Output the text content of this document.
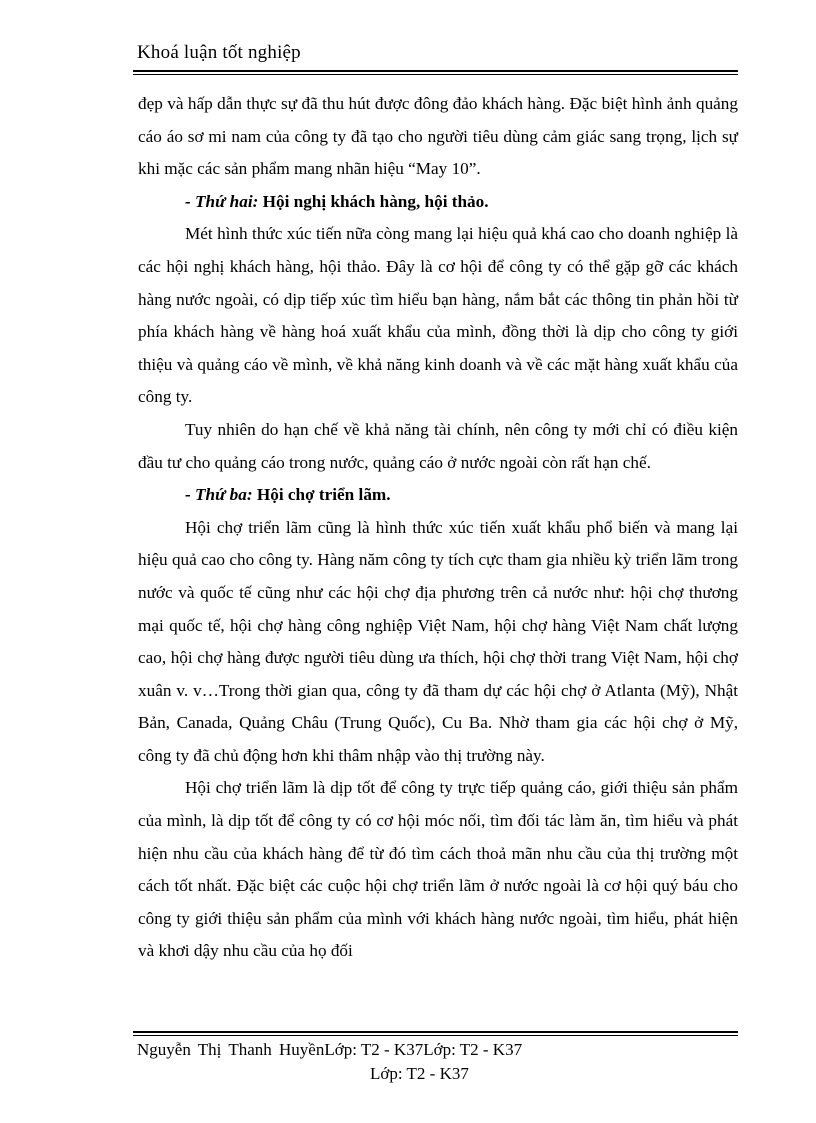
Khoá luận tốt nghiệp

đẹp và hấp dẫn thực sự đã thu hút được đông đảo khách hàng. Đặc biệt hình ảnh quảng cáo áo sơ mi nam của công ty đã tạo cho người tiêu dùng cảm giác sang trọng, lịch sự khi mặc các sản phẩm mang nhãn hiệu “May 10”.

- Thứ hai: Hội nghị khách hàng, hội thảo.

Mét hình thức xúc tiến nữa còng mang lại hiệu quả khá cao cho doanh nghiệp là các hội nghị khách hàng, hội thảo. Đây là cơ hội để công ty có thể gặp gỡ các khách hàng nước ngoài, có dịp tiếp xúc tìm hiểu bạn hàng, nắm bắt các thông tin phản hồi từ phía khách hàng về hàng hoá xuất khẩu của mình, đồng thời là dịp cho công ty giới thiệu và quảng cáo về mình, về khả năng kinh doanh và về các mặt hàng xuất khẩu của công ty.

Tuy nhiên do hạn chế về khả năng tài chính, nên công ty mới chỉ có điều kiện đầu tư cho quảng cáo trong nước, quảng cáo ở nước ngoài còn rất hạn chế.

- Thứ ba: Hội chợ triển lãm.

Hội chợ triển lãm cũng là hình thức xúc tiến xuất khẩu phổ biến và mang lại hiệu quả cao cho công ty. Hàng năm công ty tích cực tham gia nhiều kỳ triển lãm trong nước và quốc tế cũng như các hội chợ địa phương trên cả nước như: hội chợ thương mại quốc tế, hội chợ hàng công nghiệp Việt Nam, hội chợ hàng Việt Nam chất lượng cao, hội chợ hàng được người tiêu dùng ưa thích, hội chợ thời trang Việt Nam, hội chợ xuân v. v…Trong thời gian qua, công ty đã tham dự các hội chợ ở Atlanta (Mỹ), Nhật Bản, Canada, Quảng Châu (Trung Quốc), Cu Ba. Nhờ tham gia các hội chợ ở Mỹ, công ty đã chủ động hơn khi thâm nhập vào thị trường này.

Hội chợ triển lãm là dịp tốt để công ty trực tiếp quảng cáo, giới thiệu sản phẩm của mình, là dịp tốt để công ty có cơ hội móc nối, tìm đối tác làm ăn, tìm hiểu và phát hiện nhu cầu của khách hàng để từ đó tìm cách thoả mãn nhu cầu của thị trường một cách tốt nhất. Đặc biệt các cuộc hội chợ triển lãm ở nước ngoài là cơ hội quý báu cho công ty giới thiệu sản phẩm của mình với khách hàng nước ngoài, tìm hiểu, phát hiện và khơi dậy nhu cầu của họ đối

Nguyễn Thị Thanh HuyềnLớp: T2 - K37Lớp: T2 - K37
Lớp: T2 - K37
